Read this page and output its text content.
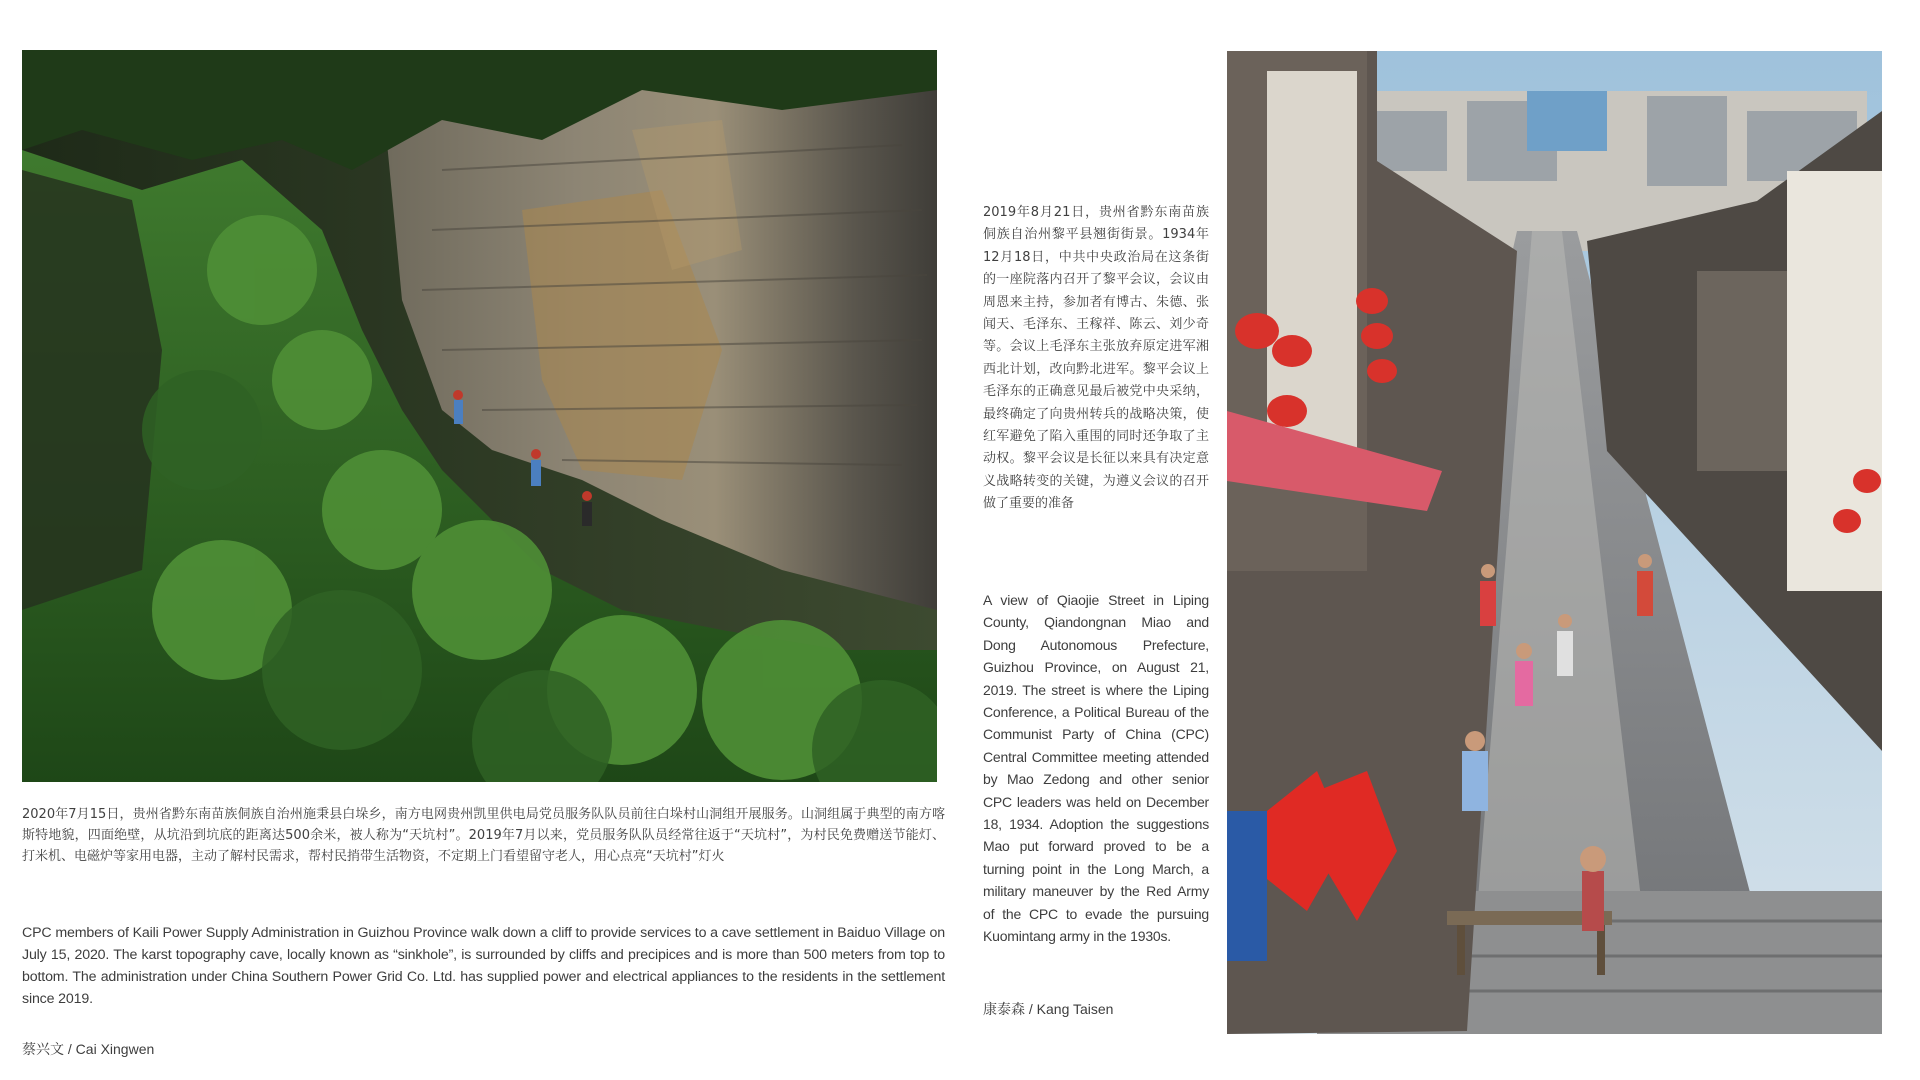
2020年7月15日，贵州省黔东南苗族侗族自治州施秉县白垛乡，南方电网贵州凯里供电局党员服务队队员前往白垛村山洞组开展服务。山洞组属于典型的南方喀斯特地貌，四面绝壁，从坑沿到坑底的距离达500余米，被人称为“天坑村”。2019年7月以来，党员服务队队员经常往返于“天坑村”，为村民免费赠送节能灯、打米机、电磁炉等家用电器，主动了解村民需求，帮村民捎带生活物资，不定期上门看望留守老人，用心点亮“天坑村”灯火

CPC members of Kaili Power Supply Administration in Guizhou Province walk down a cliff to provide services to a cave settlement in Baiduo Village on July 15, 2020. The karst topography cave, locally known as “sinkhole”, is surrounded by cliffs and precipices and is more than 500 meters from top to bottom. The administration under China Southern Power Grid Co. Ltd. has supplied power and electrical appliances to the residents in the settlement since 2019.

蔡兴文 / Cai Xingwen

2019年8月21日，贵州省黔东南苗族侗族自治州黎平县翘街街景。1934年12月18日，中共中央政治局在这条街的一座院落内召开了黎平会议，会议由周恩来主持，参加者有博古、朱德、张闻天、毛泽东、王稼祥、陈云、刘少奇等。会议上毛泽东主张放弃原定进军湘西北计划，改向黔北进军。黎平会议上毛泽东的正确意见最后被党中央采纳，最终确定了向贵州转兵的战略决策，使红军避免了陷入重围的同时还争取了主动权。黎平会议是长征以来具有决定意义战略转变的关键，为遵义会议的召开做了重要的准备

A view of Qiaojie Street in Liping County, Qiandongnan Miao and Dong Autonomous Prefecture, Guizhou Province, on August 21, 2019. The street is where the Liping Conference, a Political Bureau of the Communist Party of China (CPC) Central Committee meeting attended by Mao Zedong and other senior CPC leaders was held on December 18, 1934. Adoption the suggestions Mao put forward proved to be a turning point in the Long March, a military maneuver by the Red Army of the CPC to evade the pursuing Kuomintang army in the 1930s.

康泰森 / Kang Taisen
